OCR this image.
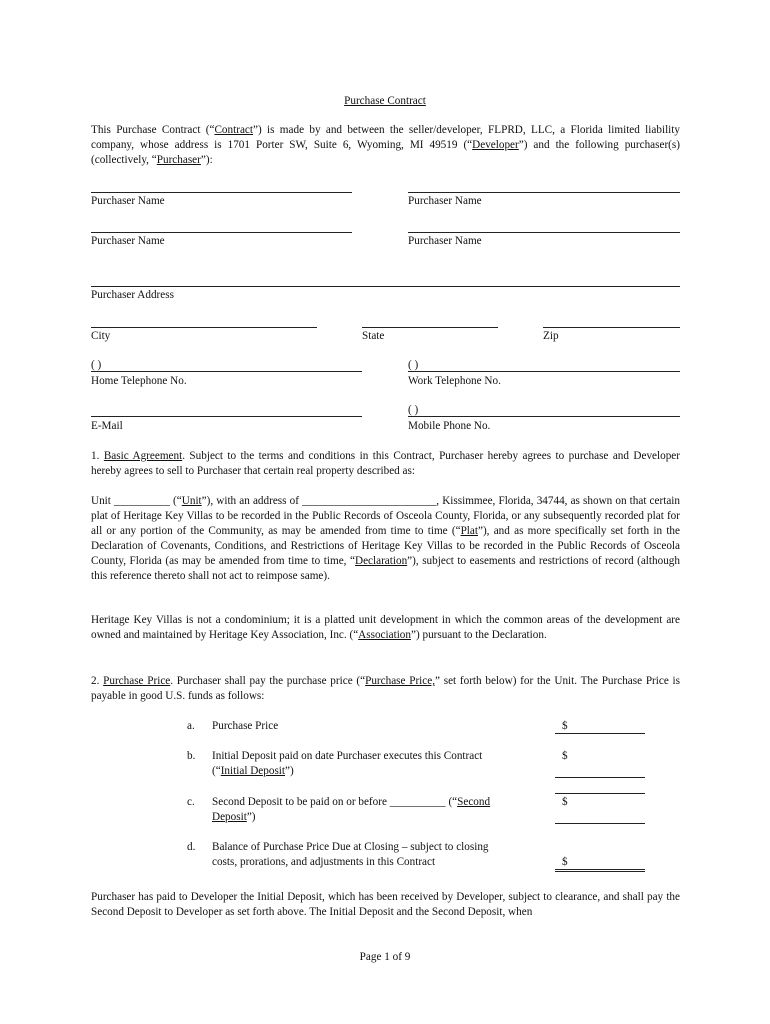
Purchase Contract
This Purchase Contract (“Contract”) is made by and between the seller/developer, FLPRD, LLC, a Florida limited liability company, whose address is 1701 Porter SW, Suite 6, Wyoming, MI 49519 (“Developer”) and the following purchaser(s) (collectively, “Purchaser”):
Purchaser Name	Purchaser Name
Purchaser Name	Purchaser Name
Purchaser Address
City	State	Zip
( )
Home Telephone No.
( )
Work Telephone No.
E-Mail
( )
Mobile Phone No.
1. Basic Agreement. Subject to the terms and conditions in this Contract, Purchaser hereby agrees to purchase and Developer hereby agrees to sell to Purchaser that certain real property described as:
Unit __________ (“Unit”), with an address of ________________________, Kissimmee, Florida, 34744, as shown on that certain plat of Heritage Key Villas to be recorded in the Public Records of Osceola County, Florida, or any subsequently recorded plat for all or any portion of the Community, as may be amended from time to time (“Plat”), and as more specifically set forth in the Declaration of Covenants, Conditions, and Restrictions of Heritage Key Villas to be recorded in the Public Records of Osceola County, Florida (as may be amended from time to time, “Declaration”), subject to easements and restrictions of record (although this reference thereto shall not act to reimpose same).
Heritage Key Villas is not a condominium; it is a platted unit development in which the common areas of the development are owned and maintained by Heritage Key Association, Inc. (“Association”) pursuant to the Declaration.
2. Purchase Price. Purchaser shall pay the purchase price (“Purchase Price,” set forth below) for the Unit. The Purchase Price is payable in good U.S. funds as follows:
a. Purchase Price	$
b. Initial Deposit paid on date Purchaser executes this Contract
(“Initial Deposit”)
$
c. Second Deposit to be paid on or before __________ (“Second
Deposit”)
$
d. Balance of Purchase Price Due at Closing – subject to closing
costs, prorations, and adjustments in this Contract	$
Purchaser has paid to Developer the Initial Deposit, which has been received by Developer, subject to clearance, and shall pay the Second Deposit to Developer as set forth above. The Initial Deposit and the Second Deposit, when
Page 1 of 9
